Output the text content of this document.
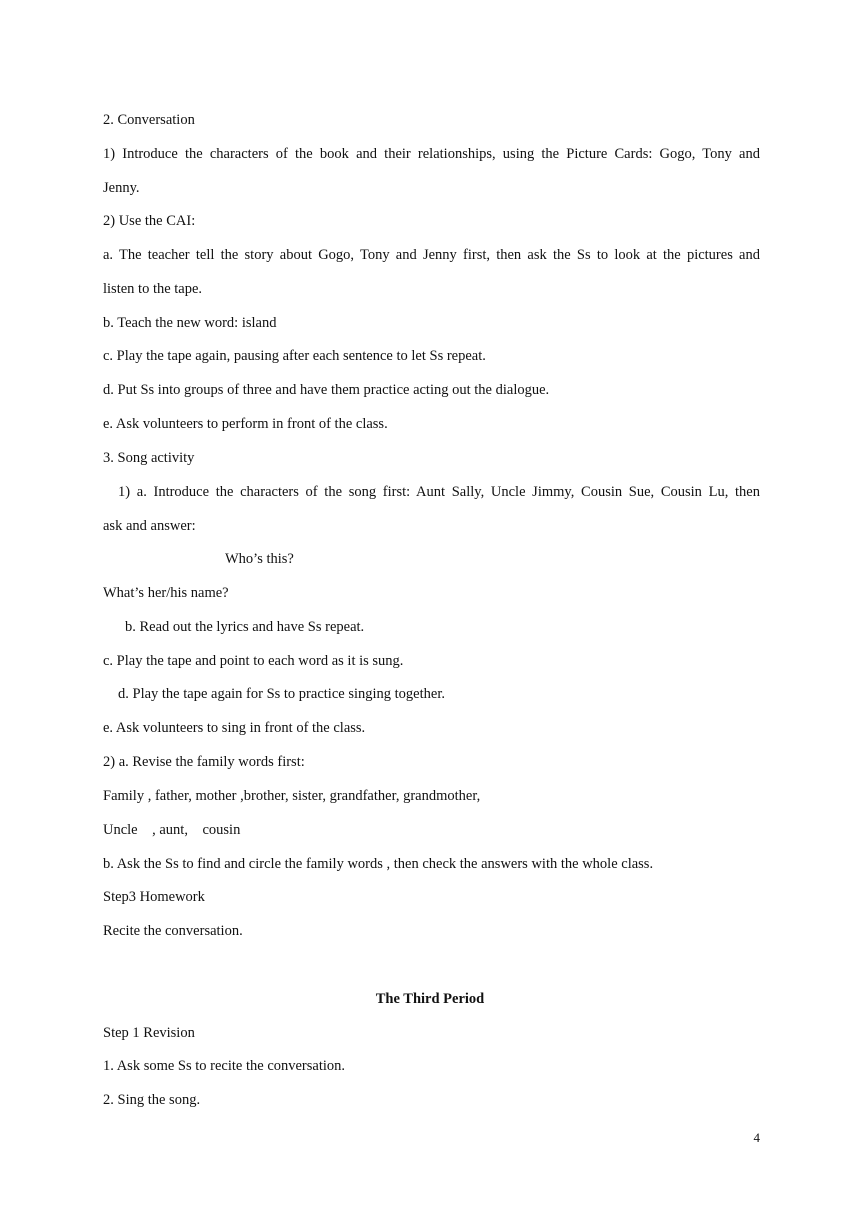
2. Conversation
1) Introduce the characters of the book and their relationships, using the Picture Cards: Gogo, Tony and
Jenny.
2) Use the CAI:
a. The teacher tell the story about Gogo, Tony and Jenny first, then ask the Ss to look at the pictures and
listen to the tape.
b. Teach the new word: island
c. Play the tape again, pausing after each sentence to let Ss repeat.
d. Put Ss into groups of three and have them practice acting out the dialogue.
e. Ask volunteers to perform in front of the class.
3. Song activity
1) a. Introduce the characters of the song first: Aunt Sally, Uncle Jimmy, Cousin Sue, Cousin Lu, then
ask and answer:
Who’s this?
What’s her/his name?
b. Read out the lyrics and have Ss repeat.
c. Play the tape and point to each word as it is sung.
d. Play the tape again for Ss to practice singing together.
e. Ask volunteers to sing in front of the class.
2) a. Revise the family words first:
Family , father, mother ,brother, sister, grandfather, grandmother,
Uncle    , aunt,    cousin
b. Ask the Ss to find and circle the family words , then check the answers with the whole class.
Step3 Homework
Recite the conversation.
The Third Period
Step 1 Revision
1. Ask some Ss to recite the conversation.
2. Sing the song.
4
